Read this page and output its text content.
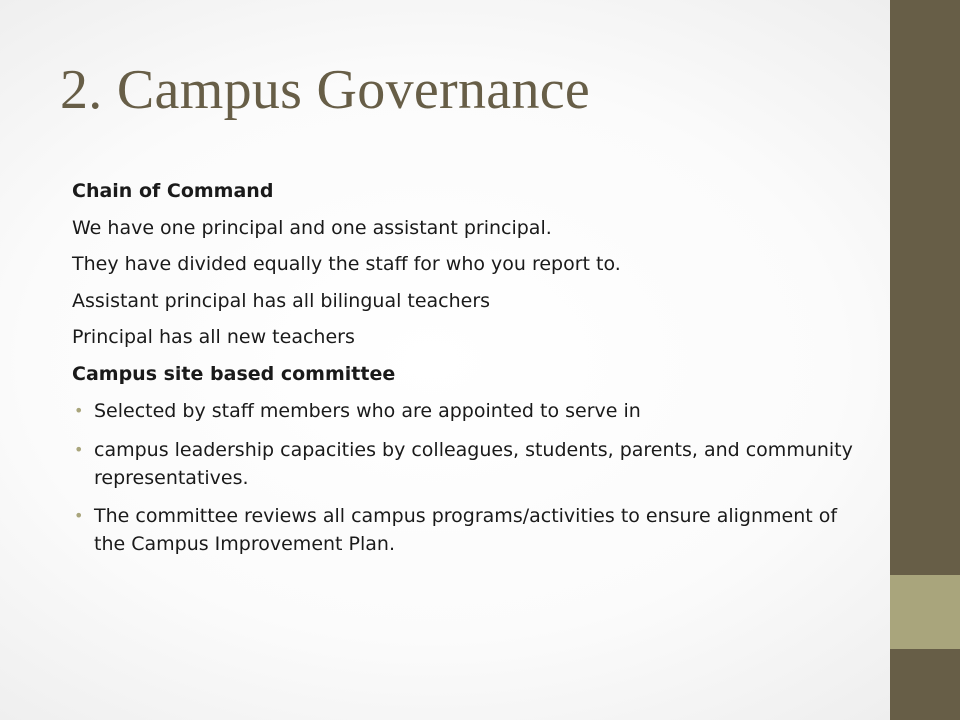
2. Campus Governance

Chain of Command

We have one principal and one assistant principal.

They have divided equally the staff for who you report to.

Assistant principal has all bilingual teachers

Principal has all new teachers

Campus site based committee

• Selected by staff members who are appointed to serve in
• campus leadership capacities by colleagues, students, parents, and community representatives.
• The committee reviews all campus programs/activities to ensure alignment of the Campus Improvement Plan.
